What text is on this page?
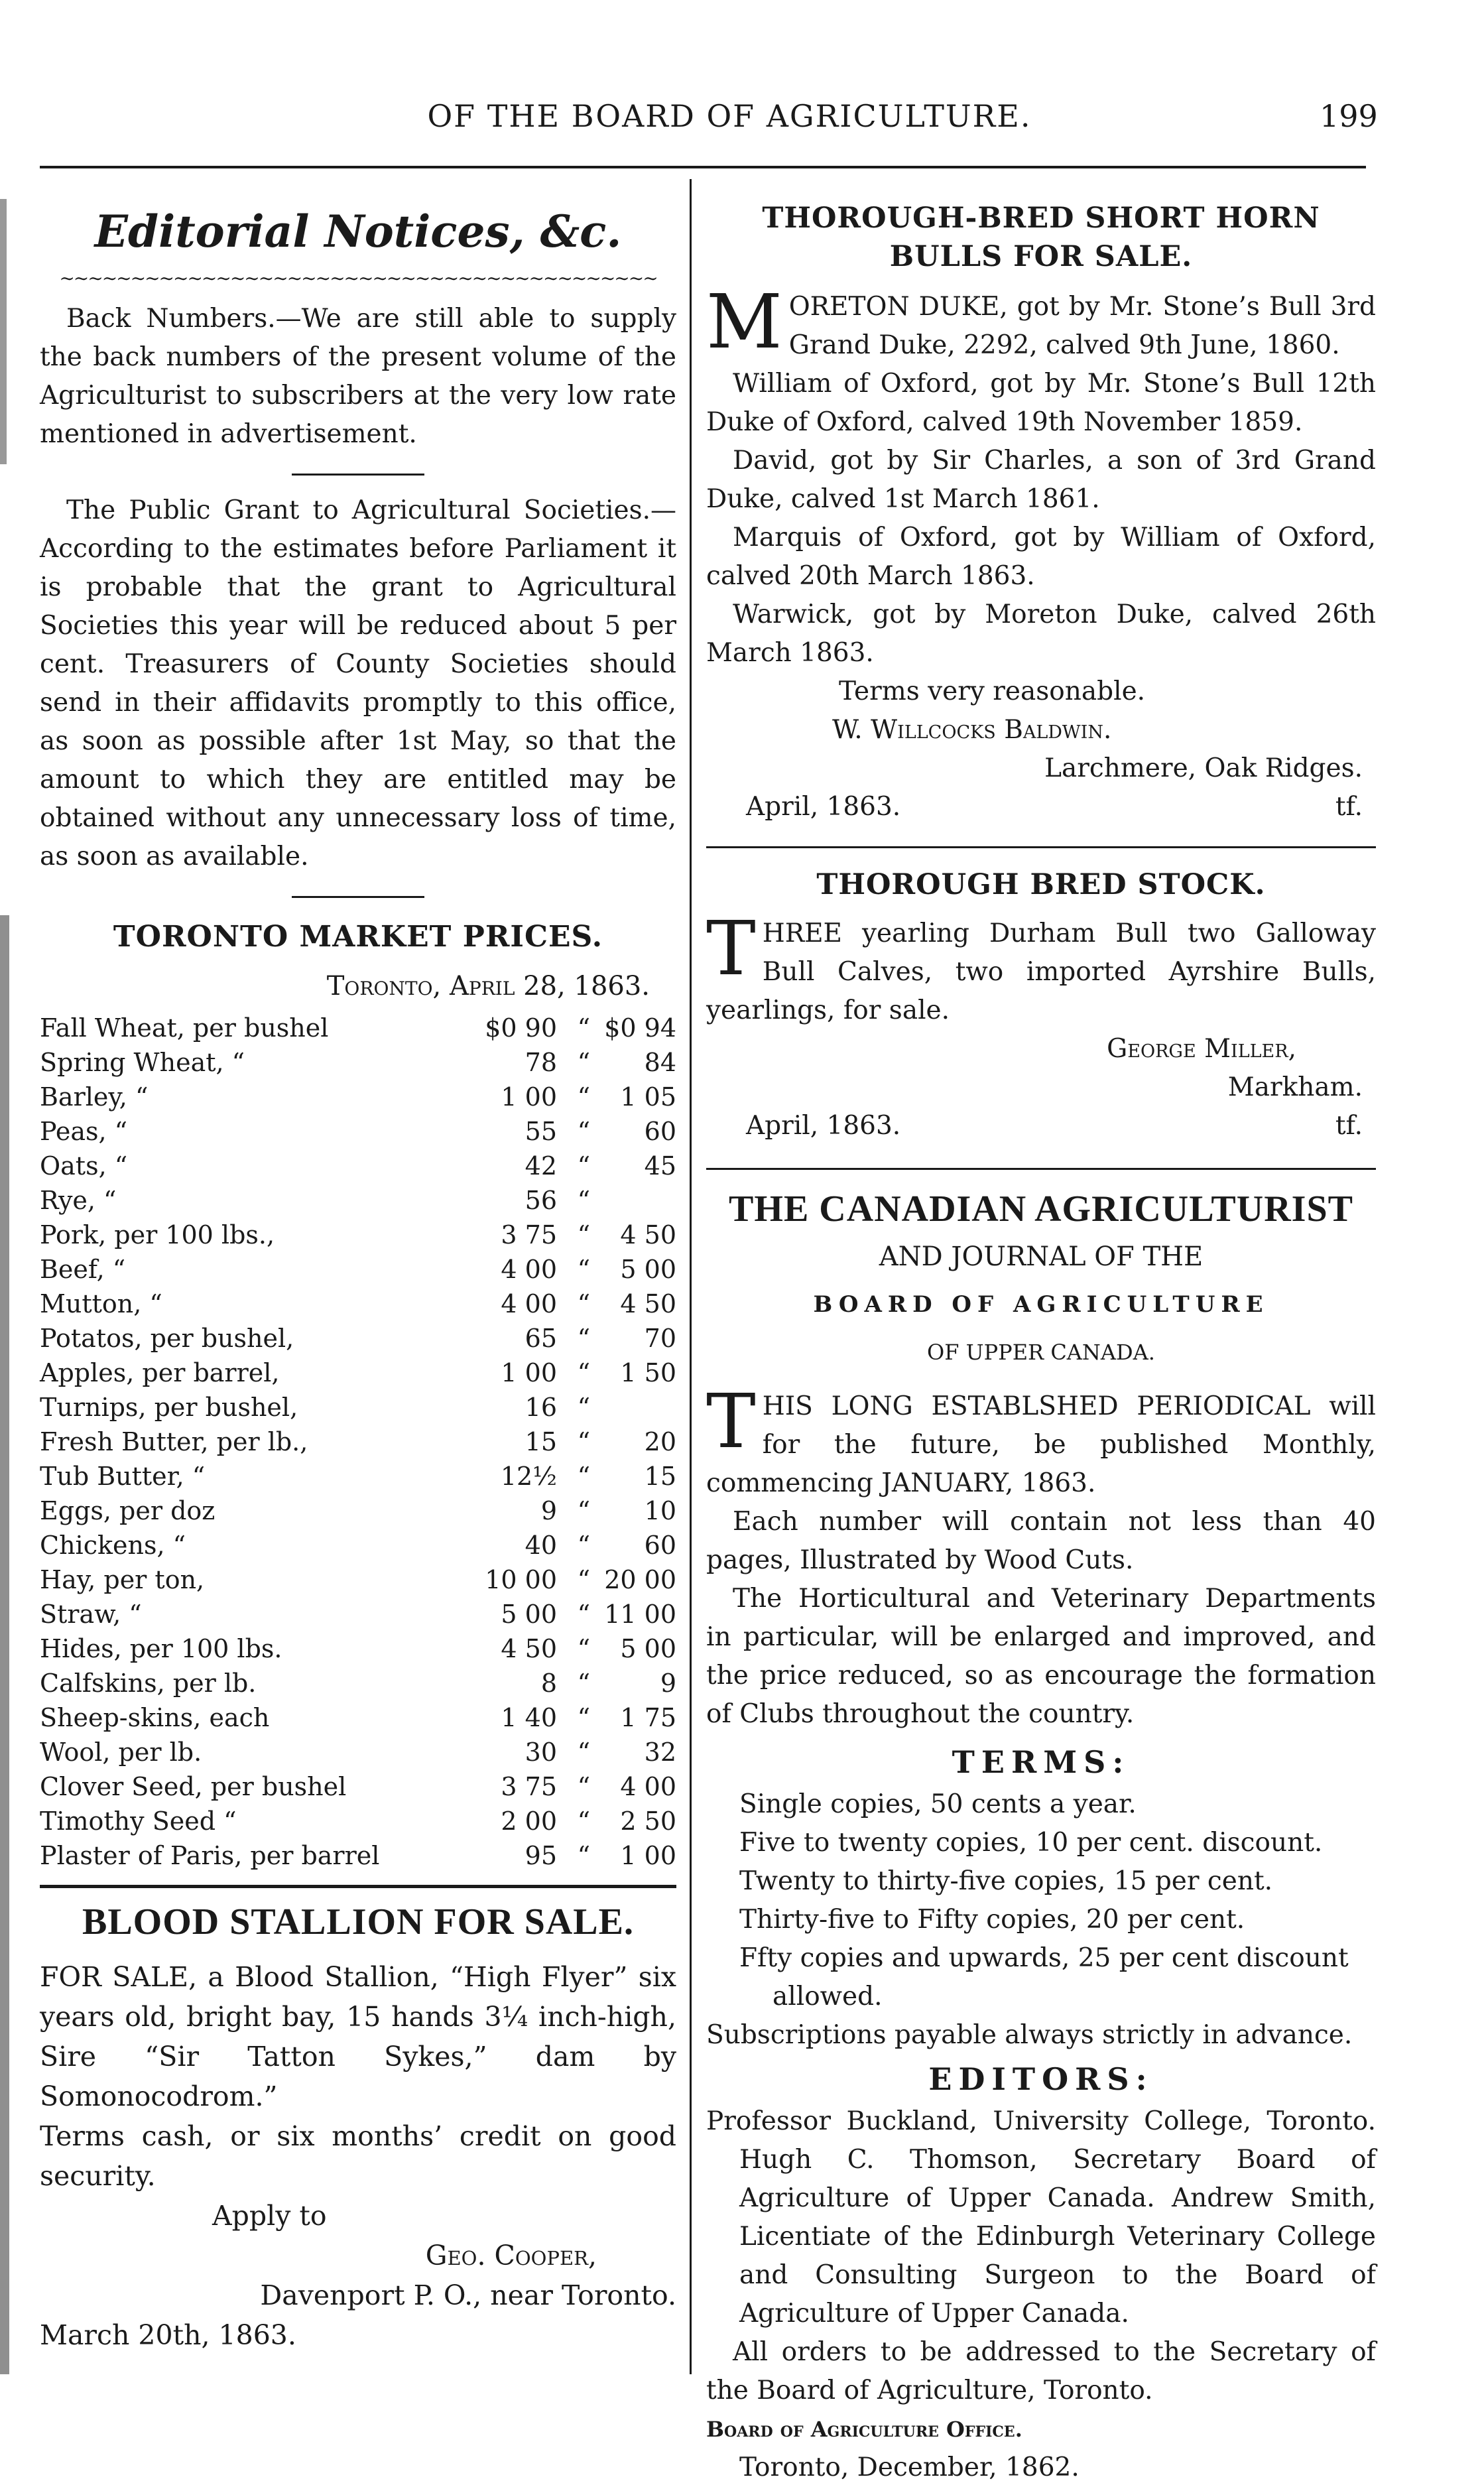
OF THE BOARD OF AGRICULTURE.	199
Editorial Notices, &c.
∼∼∼∼∼∼∼∼∼∼∼∼∼∼∼∼∼∼∼∼∼∼∼∼∼∼∼∼∼∼∼∼∼∼∼∼∼∼∼∼∼∼

Back Numbers.—We are still able to supply the back numbers of the present volume of the Agriculturist to subscribers at the very low rate mentioned in advertisement.

The Public Grant to Agricultural Societies.—According to the estimates before Parliament it is probable that the grant to Agricultural Societies this year will be reduced about 5 per cent. Treasurers of County Societies should send in their affidavits promptly to this office, as soon as possible after 1st May, so that the amount to which they are entitled may be obtained without any unnecessary loss of time, as soon as available.

TORONTO MARKET PRICES.
Toronto, April 28, 1863.
Fall Wheat, per bushel	$0 90	“	$0 94
Spring Wheat, “	78	“	84
Barley, “	1 00	“	1 05
Peas, “	55	“	60
Oats, “	42	“	45
Rye, “	56	“	
Pork, per 100 lbs.,	3 75	“	4 50
Beef, “	4 00	“	5 00
Mutton, “	4 00	“	4 50
Potatos, per bushel,	65	“	70
Apples, per barrel,	1 00	“	1 50
Turnips, per bushel,	16	“	
Fresh Butter, per lb.,	15	“	20
Tub Butter, “	12½	“	15
Eggs, per doz	9	“	10
Chickens, “	40	“	60
Hay, per ton,	10 00	“	20 00
Straw, “	5 00	“	11 00
Hides, per 100 lbs.	4 50	“	5 00
Calfskins, per lb.	8	“	9
Sheep-skins, each	1 40	“	1 75
Wool, per lb.	30	“	32
Clover Seed, per bushel	3 75	“	4 00
Timothy Seed “	2 00	“	2 50
Plaster of Paris, per barrel	95	“	1 00
BLOOD STALLION FOR SALE.

FOR SALE, a Blood Stallion, “High Flyer” six years old, bright bay, 15 hands 3¼ inch-high, Sire “Sir Tatton Sykes,” dam by Somonocodrom.”

Terms cash, or six months’ credit on good security.

Apply to

Geo. Cooper,

Davenport P. O., near Toronto.

March 20th, 1863.

THOROUGH-BRED SHORT HORN
BULLS FOR SALE.

MORETON DUKE, got by Mr. Stone’s Bull 3rd Grand Duke, 2292, calved 9th June, 1860.

William of Oxford, got by Mr. Stone’s Bull 12th Duke of Oxford, calved 19th November 1859.

David, got by Sir Charles, a son of 3rd Grand Duke, calved 1st March 1861.

Marquis of Oxford, got by William of Oxford, calved 20th March 1863.

Warwick, got by Moreton Duke, calved 26th March 1863.

Terms very reasonable.

W. Willcocks Baldwin.

Larchmere, Oak Ridges.

April, 1863.	tf.

THOROUGH BRED STOCK.

THREE yearling Durham Bull two Galloway Bull Calves, two imported Ayrshire Bulls, yearlings, for sale.

George Miller,

Markham.

April, 1863.	tf.

THE CANADIAN AGRICULTURIST
AND JOURNAL OF THE
BOARD OF AGRICULTURE
OF UPPER CANADA.

THIS LONG ESTABLSHED PERIODICAL will for the future, be published Monthly, commencing JANUARY, 1863.

Each number will contain not less than 40 pages, Illustrated by Wood Cuts.

The Horticultural and Veterinary Departments in particular, will be enlarged and improved, and the price reduced, so as encourage the formation of Clubs throughout the country.

TERMS:

Single copies, 50 cents a year.

Five to twenty copies, 10 per cent. discount.

Twenty to thirty-five copies, 15 per cent.

Thirty-five to Fifty copies, 20 per cent.

Ffty copies and upwards, 25 per cent discount allowed.

Subscriptions payable always strictly in advance.

EDITORS:

Professor Buckland, University College, Toronto. Hugh C. Thomson, Secretary Board of Agriculture of Upper Canada. Andrew Smith, Licentiate of the Edinburgh Veterinary College and Consulting Surgeon to the Board of Agriculture of Upper Canada.

All orders to be addressed to the Secretary of the Board of Agriculture, Toronto.

Board of Agriculture Office.

Toronto, December, 1862.
